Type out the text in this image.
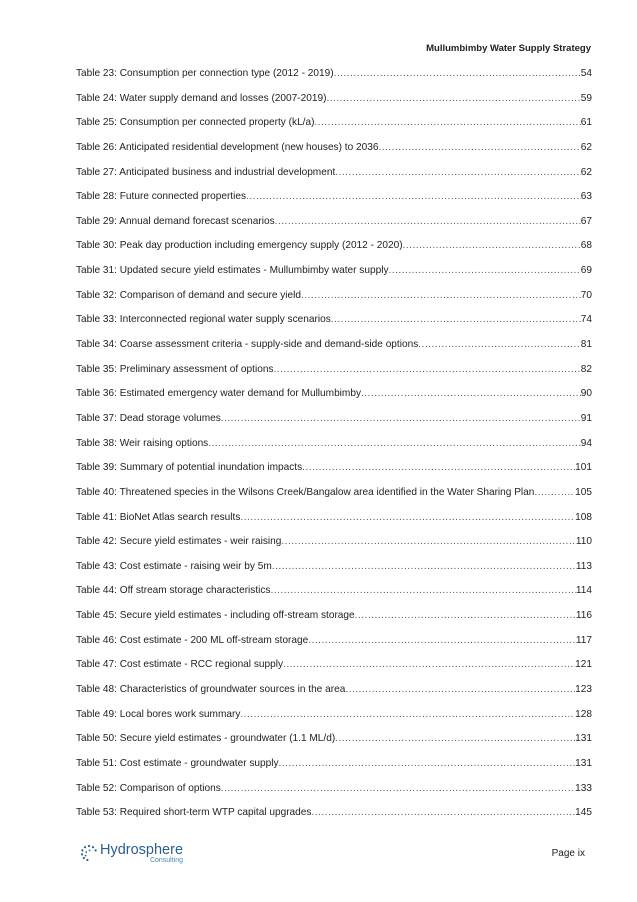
Mullumbimby Water Supply Strategy
Table 23: Consumption per connection type (2012 - 2019) .....	54
Table 24: Water supply demand and losses (2007-2019) .....	59
Table 25: Consumption per connected property (kL/a) .....	61
Table 26: Anticipated residential development (new houses) to 2036 .....	62
Table 27: Anticipated business and industrial development .....	62
Table 28: Future connected properties .....	63
Table 29: Annual demand forecast scenarios .....	67
Table 30: Peak day production including emergency supply (2012 - 2020) .....	68
Table 31: Updated secure yield estimates - Mullumbimby water supply .....	69
Table 32: Comparison of demand and secure yield .....	70
Table 33: Interconnected regional water supply scenarios .....	74
Table 34: Coarse assessment criteria - supply-side and demand-side options .....	81
Table 35: Preliminary assessment of options .....	82
Table 36: Estimated emergency water demand for Mullumbimby .....	90
Table 37: Dead storage volumes .....	91
Table 38: Weir raising options .....	94
Table 39: Summary of potential inundation impacts .....	101
Table 40: Threatened species in the Wilsons Creek/Bangalow area identified in the Water Sharing Plan .....	105
Table 41: BioNet Atlas search results .....	108
Table 42: Secure yield estimates - weir raising .....	110
Table 43: Cost estimate - raising weir by 5m .....	113
Table 44: Off stream storage characteristics .....	114
Table 45: Secure yield estimates - including off-stream storage .....	116
Table 46: Cost estimate - 200 ML off-stream storage .....	117
Table 47: Cost estimate - RCC regional supply .....	121
Table 48: Characteristics of groundwater sources in the area .....	123
Table 49: Local bores work summary .....	128
Table 50: Secure yield estimates - groundwater (1.1 ML/d) .....	131
Table 51: Cost estimate - groundwater supply .....	131
Table 52: Comparison of options .....	133
Table 53: Required short-term WTP capital upgrades .....	145
Hydrosphere
Consulting
Page ix
